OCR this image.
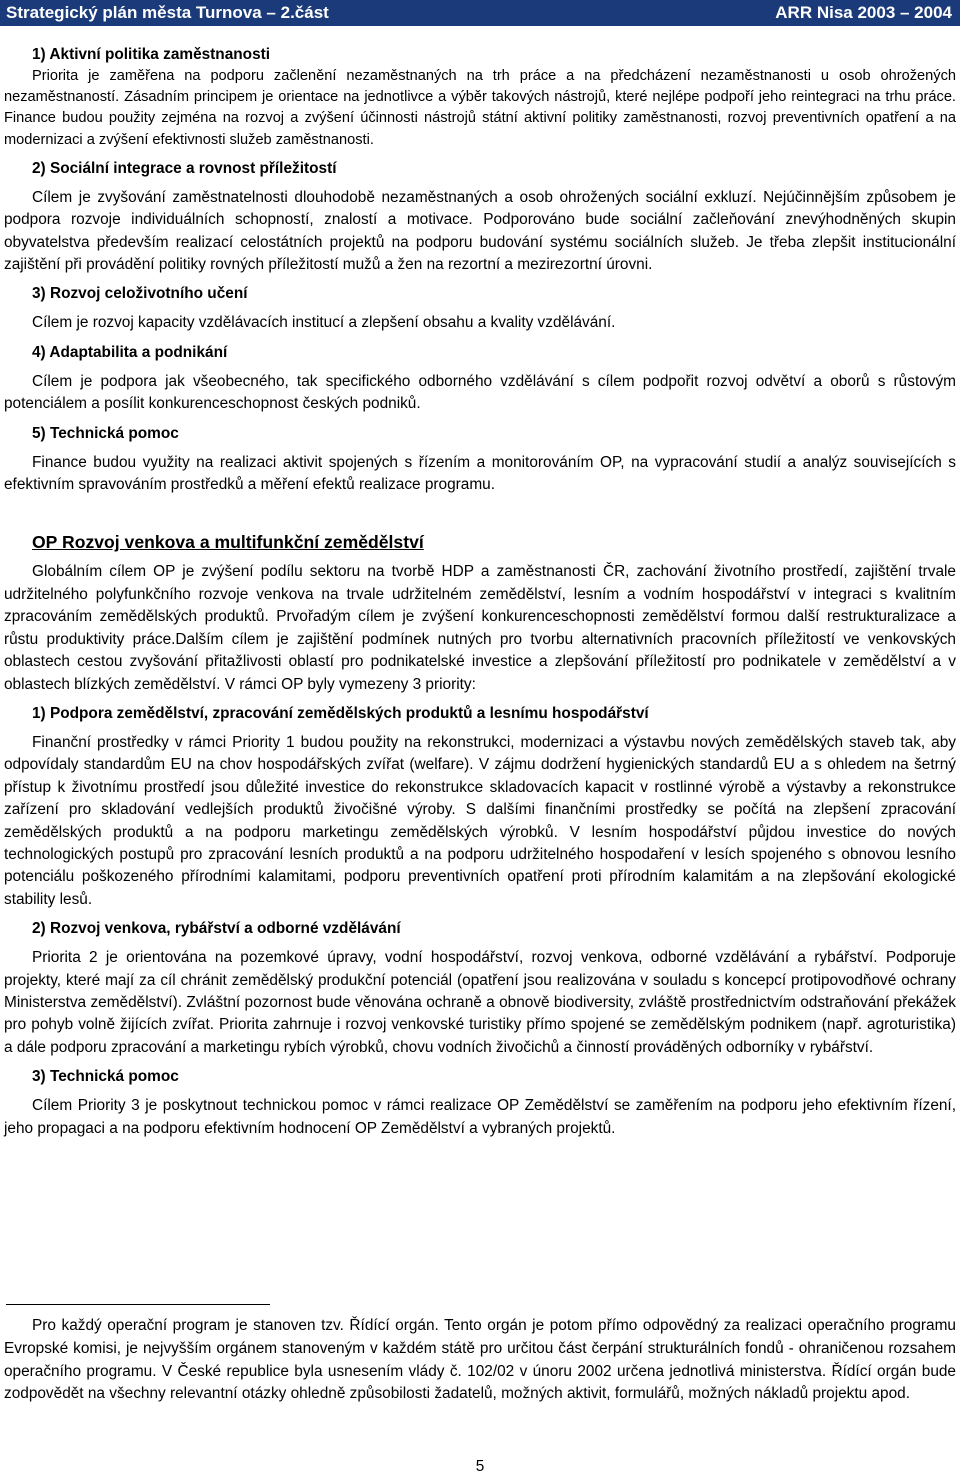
Strategický plán města Turnova – 2.část	ARR Nisa 2003 – 2004

1) Aktivní politika zaměstnanosti

Priorita je zaměřena na podporu začlenění nezaměstnaných na trh práce a na předcházení nezaměstnanosti u osob ohrožených nezaměstnaností. Zásadním principem je orientace na jednotlivce a výběr takových nástrojů, které nejlépe podpoří jeho reintegraci na trhu práce. Finance budou použity zejména na rozvoj a zvýšení účinnosti nástrojů státní aktivní politiky zaměstnanosti, rozvoj preventivních opatření a na modernizaci a zvýšení efektivnosti služeb zaměstnanosti.

2) Sociální integrace a rovnost příležitostí

Cílem je zvyšování zaměstnatelnosti dlouhodobě nezaměstnaných a osob ohrožených sociální exkluzí. Nejúčinnějším způsobem je podpora rozvoje individuálních schopností, znalostí a motivace. Podporováno bude sociální začleňování znevýhodněných skupin obyvatelstva především realizací celostátních projektů na podporu budování systému sociálních služeb. Je třeba zlepšit institucionální zajištění při provádění politiky rovných příležitostí mužů a žen na rezortní a mezirezortní úrovni.

3) Rozvoj celoživotního učení

Cílem je rozvoj kapacity vzdělávacích institucí a zlepšení obsahu a kvality vzdělávání.

4) Adaptabilita a podnikání

Cílem je podpora jak všeobecného, tak specifického odborného vzdělávání s cílem podpořit rozvoj odvětví a oborů s růstovým potenciálem a posílit konkurenceschopnost českých podniků.

5) Technická pomoc

Finance budou využity na realizaci aktivit spojených s řízením a monitorováním OP, na vypracování studií a analýz souvisejících s efektivním spravováním prostředků a měření efektů realizace programu.

OP Rozvoj venkova a multifunkční zemědělství

Globálním cílem OP je zvýšení podílu sektoru na tvorbě HDP a zaměstnanosti ČR, zachování životního prostředí, zajištění trvale udržitelného polyfunkčního rozvoje venkova na trvale udržitelném zemědělství, lesním a vodním hospodářství v integraci s kvalitním zpracováním zemědělských produktů. Prvořadým cílem je zvýšení konkurenceschopnosti zemědělství formou další restrukturalizace a růstu produktivity práce.Dalším cílem je zajištění podmínek nutných pro tvorbu alternativních pracovních příležitostí ve venkovských oblastech cestou zvyšování přitažlivosti oblastí pro podnikatelské investice a zlepšování příležitostí pro podnikatele v zemědělství a v oblastech blízkých zemědělství. V rámci OP byly vymezeny 3 priority:

1) Podpora zemědělství, zpracování zemědělských produktů a lesnímu hospodářství

Finanční prostředky v rámci Priority 1 budou použity na rekonstrukci, modernizaci a výstavbu nových zemědělských staveb tak, aby odpovídaly standardům EU na chov hospodářských zvířat (welfare). V zájmu dodržení hygienických standardů EU a s ohledem na šetrný přístup k životnímu prostředí jsou důležité investice do rekonstrukce skladovacích kapacit v rostlinné výrobě a výstavby a rekonstrukce zařízení pro skladování vedlejších produktů živočišné výroby. S dalšími finančními prostředky se počítá na zlepšení zpracování zemědělských produktů a na podporu marketingu zemědělských výrobků. V lesním hospodářství půjdou investice do nových technologických postupů pro zpracování lesních produktů a na podporu udržitelného hospodaření v lesích spojeného s obnovou lesního potenciálu poškozeného přírodními kalamitami, podporu preventivních opatření proti přírodním kalamitám a na zlepšování ekologické stability lesů.

2) Rozvoj venkova, rybářství a odborné vzdělávání

Priorita 2 je orientována na pozemkové úpravy, vodní hospodářství, rozvoj venkova, odborné vzdělávání a rybářství. Podporuje projekty, které mají za cíl chránit zemědělský produkční potenciál (opatření jsou realizována v souladu s koncepcí protipovodňové ochrany Ministerstva zemědělství). Zvláštní pozornost bude věnována ochraně a obnově biodiversity, zvláště prostřednictvím odstraňování překážek pro pohyb volně žijících zvířat. Priorita zahrnuje i rozvoj venkovské turistiky přímo spojené se zemědělským podnikem (např. agroturistika) a dále podporu zpracování a marketingu rybích výrobků, chovu vodních živočichů a činností prováděných odborníky v rybářství.

3) Technická pomoc

Cílem Priority 3 je poskytnout technickou pomoc v rámci realizace OP Zemědělství se zaměřením na podporu jeho efektivním řízení, jeho propagaci a na podporu efektivním hodnocení OP Zemědělství a vybraných projektů.

Pro každý operační program je stanoven tzv. Řídící orgán. Tento orgán je potom přímo odpovědný za realizaci operačního programu Evropské komisi, je nejvyšším orgánem stanoveným v každém státě pro určitou část čerpání strukturálních fondů - ohraničenou rozsahem operačního programu. V České republice byla usnesením vlády č. 102/02 v únoru 2002 určena jednotlivá ministerstva. Řídící orgán bude zodpovědět na všechny relevantní otázky ohledně způsobilosti žadatelů, možných aktivit, formulářů, možných nákladů projektu apod.

5
